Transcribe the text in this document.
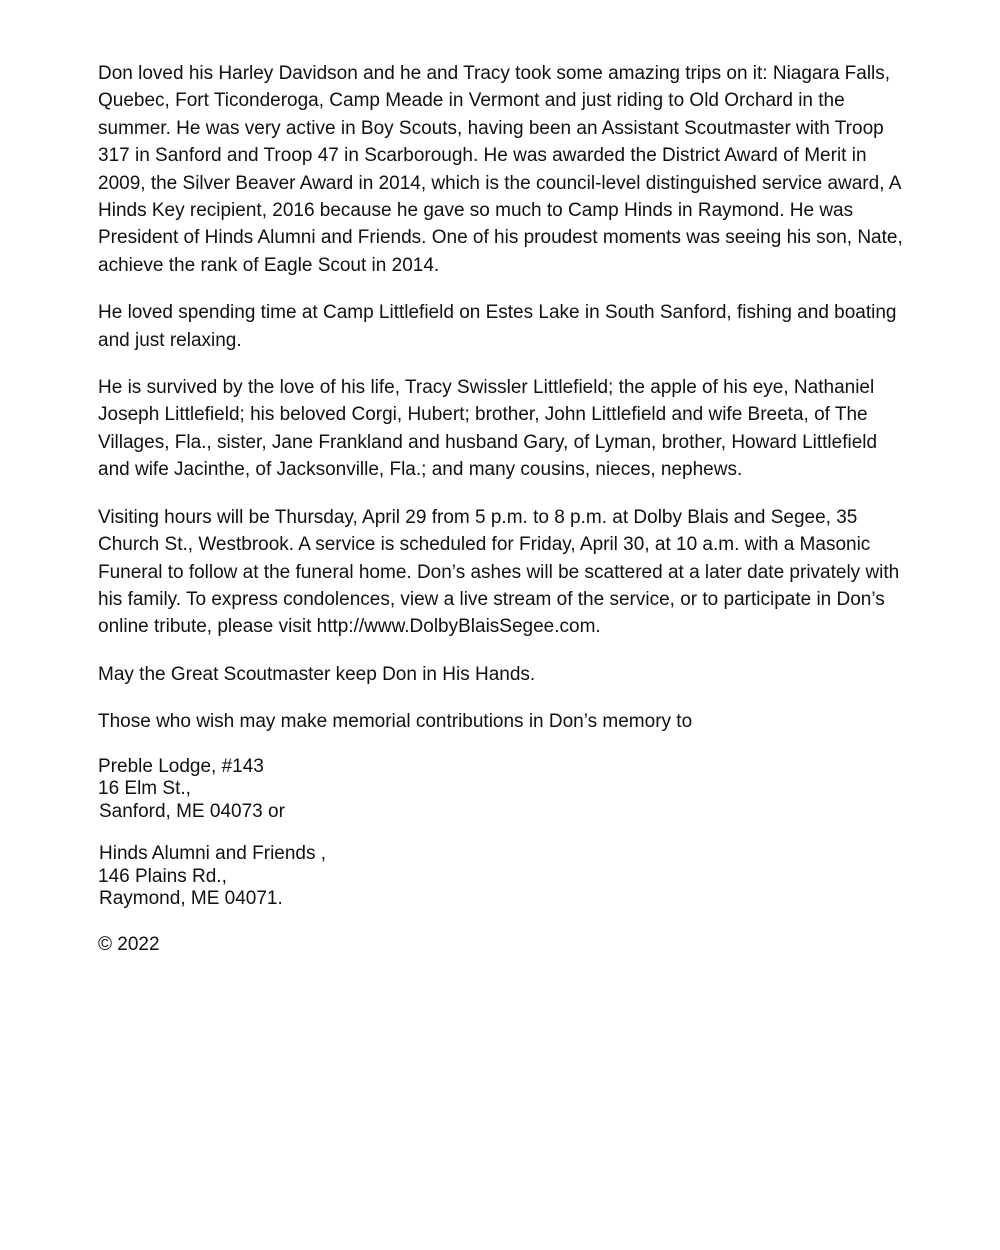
Don loved his Harley Davidson and he and Tracy took some amazing trips on it: Niagara Falls, Quebec, Fort Ticonderoga, Camp Meade in Vermont and just riding to Old Orchard in the summer. He was very active in Boy Scouts, having been an Assistant Scoutmaster with Troop 317 in Sanford and Troop 47 in Scarborough. He was awarded the District Award of Merit in 2009, the Silver Beaver Award in 2014, which is the council-level distinguished service award, A Hinds Key recipient, 2016 because he gave so much to Camp Hinds in Raymond. He was President of Hinds Alumni and Friends. One of his proudest moments was seeing his son, Nate, achieve the rank of Eagle Scout in 2014.

He loved spending time at Camp Littlefield on Estes Lake in South Sanford, fishing and boating and just relaxing.

He is survived by the love of his life, Tracy Swissler Littlefield; the apple of his eye, Nathaniel Joseph Littlefield; his beloved Corgi, Hubert; brother, John Littlefield and wife Breeta, of The Villages, Fla., sister, Jane Frankland and husband Gary, of Lyman, brother, Howard Littlefield and wife Jacinthe, of Jacksonville, Fla.; and many cousins, nieces, nephews.

Visiting hours will be Thursday, April 29 from 5 p.m. to 8 p.m. at Dolby Blais and Segee, 35 Church St., Westbrook. A service is scheduled for Friday, April 30, at 10 a.m. with a Masonic Funeral to follow at the funeral home. Don’s ashes will be scattered at a later date privately with his family. To express condolences, view a live stream of the service, or to participate in Don’s online tribute, please visit http://www.DolbyBlaisSegee.com.

May the Great Scoutmaster keep Don in His Hands.

Those who wish may make memorial contributions in Don’s memory to

Preble Lodge, #143
16 Elm St.,
Sanford, ME 04073 or
Hinds Alumni and Friends ,
146 Plains Rd.,
Raymond, ME 04071.

© 2022
